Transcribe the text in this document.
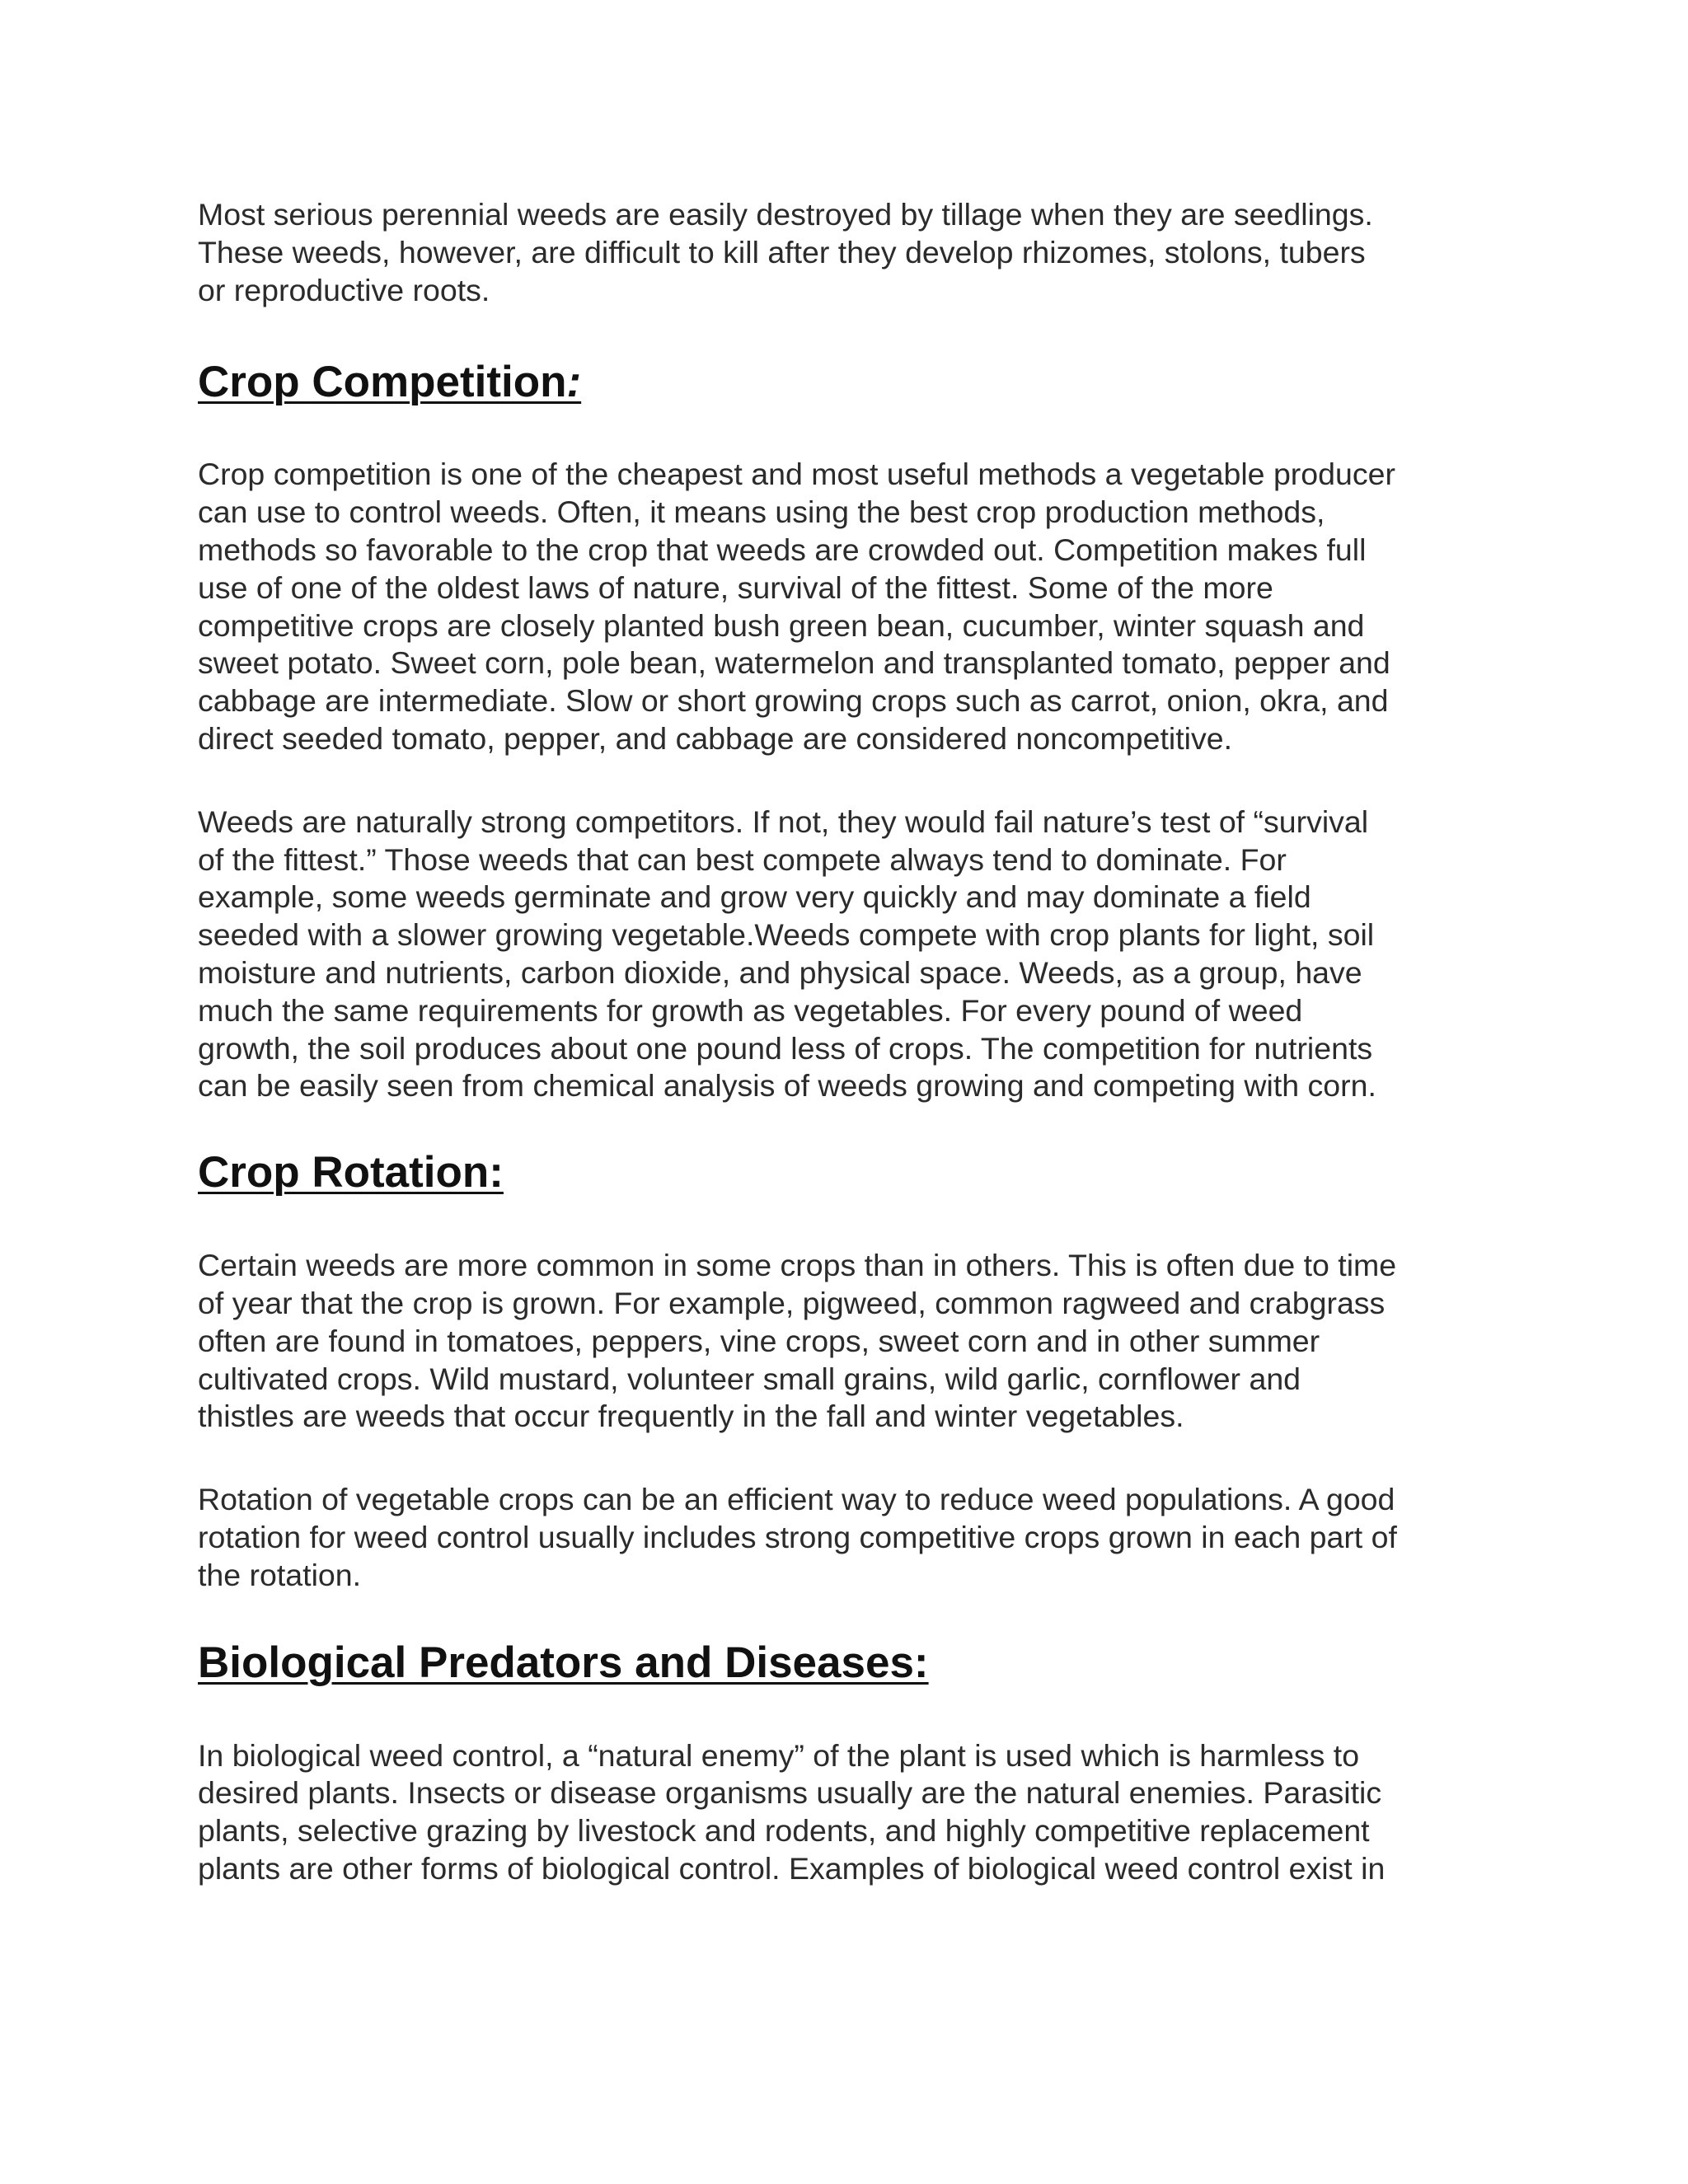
Most serious perennial weeds are easily destroyed by tillage when they are seedlings.
These weeds, however, are difficult to kill after they develop rhizomes, stolons, tubers
or reproductive roots.

Crop Competition:

Crop competition is one of the cheapest and most useful methods a vegetable producer
can use to control weeds. Often, it means using the best crop production methods,
methods so favorable to the crop that weeds are crowded out. Competition makes full
use of one of the oldest laws of nature, survival of the fittest. Some of the more
competitive crops are closely planted bush green bean, cucumber, winter squash and
sweet potato. Sweet corn, pole bean, watermelon and transplanted tomato, pepper and
cabbage are intermediate. Slow or short growing crops such as carrot, onion, okra, and
direct seeded tomato, pepper, and cabbage are considered noncompetitive.

Weeds are naturally strong competitors. If not, they would fail nature’s test of “survival
of the fittest.” Those weeds that can best compete always tend to dominate. For
example, some weeds germinate and grow very quickly and may dominate a field
seeded with a slower growing vegetable.Weeds compete with crop plants for light, soil
moisture and nutrients, carbon dioxide, and physical space. Weeds, as a group, have
much the same requirements for growth as vegetables. For every pound of weed
growth, the soil produces about one pound less of crops. The competition for nutrients
can be easily seen from chemical analysis of weeds growing and competing with corn.

Crop Rotation:

Certain weeds are more common in some crops than in others. This is often due to time
of year that the crop is grown. For example, pigweed, common ragweed and crabgrass
often are found in tomatoes, peppers, vine crops, sweet corn and in other summer
cultivated crops. Wild mustard, volunteer small grains, wild garlic, cornflower and
thistles are weeds that occur frequently in the fall and winter vegetables.

Rotation of vegetable crops can be an efficient way to reduce weed populations. A good
rotation for weed control usually includes strong competitive crops grown in each part of
the rotation.

Biological Predators and Diseases:

In biological weed control, a “natural enemy” of the plant is used which is harmless to
desired plants. Insects or disease organisms usually are the natural enemies. Parasitic
plants, selective grazing by livestock and rodents, and highly competitive replacement
plants are other forms of biological control. Examples of biological weed control exist in
